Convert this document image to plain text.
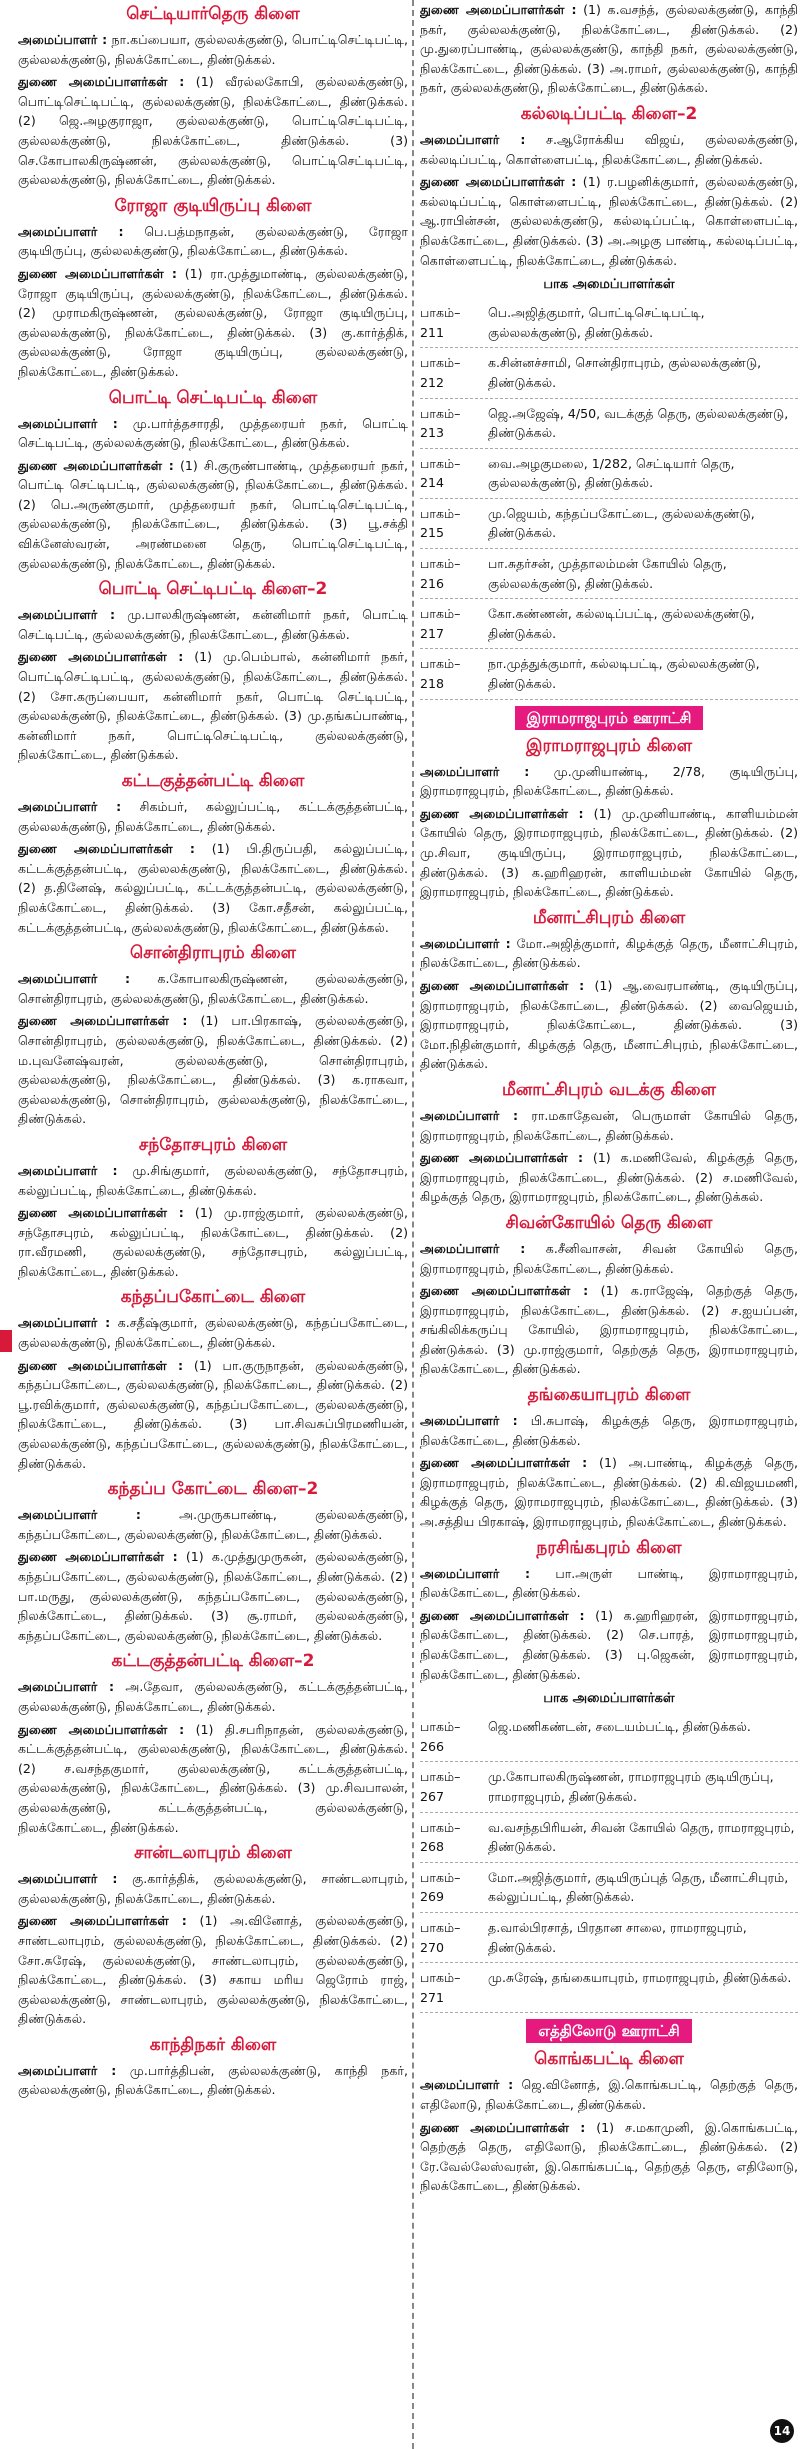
செட்டியார்தெரு கிளை

அமைப்பாளர் : நா.கப்பையா, குல்லலக்குண்டு, பொட்டிசெட்டிபட்டி, குல்லலக்குண்டு, நிலக்கோட்டை, திண்டுக்கல்.

துணை அமைப்பாளர்கள் : (1) வீரல்லகோபி, குல்லலக்குண்டு, பொட்டிசெட்டிபட்டி, குல்லலக்குண்டு, நிலக்கோட்டை, திண்டுக்கல். (2) ஜெ.அழகுராஜா, குல்லலக்குண்டு, பொட்டிசெட்டிபட்டி, குல்லலக்குண்டு, நிலக்கோட்டை, திண்டுக்கல். (3) செ.கோபாலகிருஷ்ணன், குல்லலக்குண்டு, பொட்டிசெட்டிபட்டி, குல்லலக்குண்டு, நிலக்கோட்டை, திண்டுக்கல்.

ரோஜா குடியிருப்பு கிளை

அமைப்பாளர் : பெ.பத்மநாதன், குல்லலக்குண்டு, ரோஜா குடியிருப்பு, குல்லலக்குண்டு, நிலக்கோட்டை, திண்டுக்கல்.

துணை அமைப்பாளர்கள் : (1) ரா.முத்துமாண்டி, குல்லலக்குண்டு, ரோஜா குடியிருப்பு, குல்லலக்குண்டு, நிலக்கோட்டை, திண்டுக்கல். (2) முராமகிருஷ்ணன், குல்லலக்குண்டு, ரோஜா குடியிருப்பு, குல்லலக்குண்டு, நிலக்கோட்டை, திண்டுக்கல். (3) கு.கார்த்திக், குல்லலக்குண்டு, ரோஜா குடியிருப்பு, குல்லலக்குண்டு, நிலக்கோட்டை, திண்டுக்கல்.

பொட்டி செட்டிபட்டி கிளை

அமைப்பாளர் : மு.பார்த்தசாரதி, முத்தரையர் நகர், பொட்டி செட்டிபட்டி, குல்லலக்குண்டு, நிலக்கோட்டை, திண்டுக்கல்.

துணை அமைப்பாளர்கள் : (1) சி.குருண்பாண்டி, முத்தரையர் நகர், பொட்டி செட்டிபட்டி, குல்லலக்குண்டு, நிலக்கோட்டை, திண்டுக்கல். (2) பெ.அருண்குமார், முத்தரையர் நகர், பொட்டிசெட்டிபட்டி, குல்லலக்குண்டு, நிலக்கோட்டை, திண்டுக்கல். (3) பூ.சக்தி விக்னேஸ்வரன், அரண்மனை தெரு, பொட்டிசெட்டிபட்டி, குல்லலக்குண்டு, நிலக்கோட்டை, திண்டுக்கல்.

பொட்டி செட்டிபட்டி கிளை–2

அமைப்பாளர் : மு.பாலகிருஷ்ணன், கன்னிமார் நகர், பொட்டி செட்டிபட்டி, குல்லலக்குண்டு, நிலக்கோட்டை, திண்டுக்கல்.

துணை அமைப்பாளர்கள் : (1) மு.பெம்பால், கன்னிமார் நகர், பொட்டிசெட்டிபட்டி, குல்லலக்குண்டு, நிலக்கோட்டை, திண்டுக்கல். (2) சோ.கருப்பையா, கன்னிமார் நகர், பொட்டி செட்டிபட்டி, குல்லலக்குண்டு, நிலக்கோட்டை, திண்டுக்கல். (3) மு.தங்கப்பாண்டி, கன்னிமார் நகர், பொட்டிசெட்டிபட்டி, குல்லலக்குண்டு, நிலக்கோட்டை, திண்டுக்கல்.

கட்டகுத்தன்பட்டி கிளை

அமைப்பாளர் : சிகம்பர், கல்லுப்பட்டி, கட்டக்குத்தன்பட்டி, குல்லலக்குண்டு, நிலக்கோட்டை, திண்டுக்கல்.

துணை அமைப்பாளர்கள் : (1) பி.திருப்பதி, கல்லுப்பட்டி, கட்டக்குத்தன்பட்டி, குல்லலக்குண்டு, நிலக்கோட்டை, திண்டுக்கல். (2) த.தினேஷ், கல்லுப்பட்டி, கட்டக்குத்தன்பட்டி, குல்லலக்குண்டு, நிலக்கோட்டை, திண்டுக்கல். (3) கோ.சதீசன், கல்லுப்பட்டி, கட்டக்குத்தன்பட்டி, குல்லலக்குண்டு, நிலக்கோட்டை, திண்டுக்கல்.

சொன்திராபுரம் கிளை

அமைப்பாளர் : க.கோபாலகிருஷ்ணன், குல்லலக்குண்டு, சொன்திராபுரம், குல்லலக்குண்டு, நிலக்கோட்டை, திண்டுக்கல்.

துணை அமைப்பாளர்கள் : (1) பா.பிரகாஷ், குல்லலக்குண்டு, சொன்திராபுரம், குல்லலக்குண்டு, நிலக்கோட்டை, திண்டுக்கல். (2) ம.புவனேஷ்வரன், குல்லலக்குண்டு, சொன்திராபுரம், குல்லலக்குண்டு, நிலக்கோட்டை, திண்டுக்கல். (3) க.ராகவா, குல்லலக்குண்டு, சொன்திராபுரம், குல்லலக்குண்டு, நிலக்கோட்டை, திண்டுக்கல்.

சந்தோசபுரம் கிளை

அமைப்பாளர் : மு.சிங்குமார், குல்லலக்குண்டு, சந்தோசபுரம், கல்லுப்பட்டி, நிலக்கோட்டை, திண்டுக்கல்.

துணை அமைப்பாளர்கள் : (1) மு.ராஜ்குமார், குல்லலக்குண்டு, சந்தோசபுரம், கல்லுப்பட்டி, நிலக்கோட்டை, திண்டுக்கல். (2) ரா.வீரமணி, குல்லலக்குண்டு, சந்தோசபுரம், கல்லுப்பட்டி, நிலக்கோட்டை, திண்டுக்கல்.

கந்தப்பகோட்டை கிளை

அமைப்பாளர் : க.சதீஷ்குமார், குல்லலக்குண்டு, கந்தப்பகோட்டை, குல்லலக்குண்டு, நிலக்கோட்டை, திண்டுக்கல்.

துணை அமைப்பாளர்கள் : (1) பா.குருநாதன், குல்லலக்குண்டு, கந்தப்பகோட்டை, குல்லலக்குண்டு, நிலக்கோட்டை, திண்டுக்கல். (2) பூ.ரவிக்குமார், குல்லலக்குண்டு, கந்தப்பகோட்டை, குல்லலக்குண்டு, நிலக்கோட்டை, திண்டுக்கல். (3) பா.சிவசுப்பிரமணியன், குல்லலக்குண்டு, கந்தப்பகோட்டை, குல்லலக்குண்டு, நிலக்கோட்டை, திண்டுக்கல்.

கந்தப்ப கோட்டை கிளை–2

அமைப்பாளர் :	அ.முருகபாண்டி, குல்லலக்குண்டு, கந்தப்பகோட்டை, குல்லலக்குண்டு, நிலக்கோட்டை, திண்டுக்கல்.

துணை அமைப்பாளர்கள் : (1) க.முத்துமுருகன், குல்லலக்குண்டு, கந்தப்பகோட்டை, குல்லலக்குண்டு, நிலக்கோட்டை, திண்டுக்கல். (2) பா.மருது, குல்லலக்குண்டு, கந்தப்பகோட்டை, குல்லலக்குண்டு, நிலக்கோட்டை, திண்டுக்கல். (3) சூ.ராமர், குல்லலக்குண்டு, கந்தப்பகோட்டை, குல்லலக்குண்டு, நிலக்கோட்டை, திண்டுக்கல்.

கட்டகுத்தன்பட்டி கிளை–2

அமைப்பாளர் : அ.தேவா, குல்லலக்குண்டு, கட்டக்குத்தன்பட்டி, குல்லலக்குண்டு, நிலக்கோட்டை, திண்டுக்கல்.

துணை அமைப்பாளர்கள் : (1) தி.சபரிநாதன், குல்லலக்குண்டு, கட்டக்குத்தன்பட்டி, குல்லலக்குண்டு, நிலக்கோட்டை, திண்டுக்கல். (2) ச.வசந்தகுமார், குல்லலக்குண்டு, கட்டக்குத்தன்பட்டி, குல்லலக்குண்டு, நிலக்கோட்டை, திண்டுக்கல். (3) மு.சிவபாலன், குல்லலக்குண்டு, கட்டக்குத்தன்பட்டி, குல்லலக்குண்டு, நிலக்கோட்டை, திண்டுக்கல்.

சான்டலாபுரம் கிளை

அமைப்பாளர் : கு.கார்த்திக், குல்லலக்குண்டு, சாண்டலாபுரம், குல்லலக்குண்டு, நிலக்கோட்டை, திண்டுக்கல்.

துணை அமைப்பாளர்கள் : (1) அ.வினோத், குல்லலக்குண்டு, சாண்டலாபுரம், குல்லலக்குண்டு, நிலக்கோட்டை, திண்டுக்கல். (2) சோ.சுரேஷ், குல்லலக்குண்டு, சாண்டலாபுரம், குல்லலக்குண்டு, நிலக்கோட்டை, திண்டுக்கல். (3) சகாய மரிய ஜெரோம் ராஜ், குல்லலக்குண்டு, சாண்டலாபுரம், குல்லலக்குண்டு, நிலக்கோட்டை, திண்டுக்கல்.

காந்திநகர் கிளை

அமைப்பாளர் : மு.பார்த்திபன், குல்லலக்குண்டு, காந்தி நகர், குல்லலக்குண்டு, நிலக்கோட்டை, திண்டுக்கல்.

துணை அமைப்பாளர்கள் : (1) க.வசந்த், குல்லலக்குண்டு, காந்தி நகர், குல்லலக்குண்டு, நிலக்கோட்டை, திண்டுக்கல். (2) மு.துரைப்பாண்டி, குல்லலக்குண்டு, காந்தி நகர், குல்லலக்குண்டு, நிலக்கோட்டை, திண்டுக்கல். (3) அ.ராமர், குல்லலக்குண்டு, காந்தி நகர், குல்லலக்குண்டு, நிலக்கோட்டை, திண்டுக்கல்.

கல்லடிப்பட்டி கிளை–2

அமைப்பாளர் : ச.ஆரோக்கிய விஜய், குல்லலக்குண்டு, கல்லடிப்பட்டி, கொள்ளைபட்டி, நிலக்கோட்டை, திண்டுக்கல்.

துணை அமைப்பாளர்கள் : (1) ர.பழனிக்குமார், குல்லலக்குண்டு, கல்லடிப்பட்டி, கொள்ளைபட்டி, நிலக்கோட்டை, திண்டுக்கல். (2) ஆ.ராபின்சன், குல்லலக்குண்டு, கல்லடிப்பட்டி, கொள்ளைபட்டி, நிலக்கோட்டை, திண்டுக்கல். (3) அ.அழகு பாண்டி, கல்லடிப்பட்டி, கொள்ளைபட்டி, நிலக்கோட்டை, திண்டுக்கல்.

பாக அமைப்பாளர்கள்
பாகம்– 211
பெ.அஜித்குமார், பொட்டிசெட்டிபட்டி, குல்லலக்குண்டு, திண்டுக்கல்.
பாகம்– 212
க.சின்னச்சாமி, சொன்திராபுரம், குல்லலக்குண்டு, திண்டுக்கல்.
பாகம்– 213
ஜெ.அஜேஷ், 4/50, வடக்குத் தெரு, குல்லலக்குண்டு, திண்டுக்கல்.
பாகம்– 214
வை.அழகுமலை, 1/282, செட்டியார் தெரு, குல்லலக்குண்டு, திண்டுக்கல்.
பாகம்– 215
மு.ஜெயம், கந்தப்பகோட்டை, குல்லலக்குண்டு, திண்டுக்கல்.
பாகம்– 216
பா.சுதர்சன், முத்தாலம்மன் கோயில் தெரு, குல்லலக்குண்டு, திண்டுக்கல்.
பாகம்– 217
கோ.கண்ணன், கல்லடிப்பட்டி, குல்லலக்குண்டு, திண்டுக்கல்.
பாகம்– 218
நா.முத்துக்குமார், கல்லடிபட்டி, குல்லலக்குண்டு, திண்டுக்கல்.
இராமராஜபுரம் ஊராட்சி
இராமராஜபுரம் கிளை

அமைப்பாளர் : மு.முனியாண்டி, 2/78, குடியிருப்பு, இராமராஜபுரம், நிலக்கோட்டை, திண்டுக்கல்.

துணை அமைப்பாளர்கள் : (1) மு.முனியாண்டி, காளியம்மன் கோயில் தெரு, இராமராஜபுரம், நிலக்கோட்டை, திண்டுக்கல். (2) மு.சிவா, குடியிருப்பு, இராமராஜபுரம், நிலக்கோட்டை, திண்டுக்கல். (3) க.ஹரிஹரன், காளியம்மன் கோயில் தெரு, இராமராஜபுரம், நிலக்கோட்டை, திண்டுக்கல்.

மீனாட்சிபுரம் கிளை

அமைப்பாளர் : மோ.அஜித்குமார், கிழக்குத் தெரு, மீனாட்சிபுரம், நிலக்கோட்டை, திண்டுக்கல்.

துணை அமைப்பாளர்கள் : (1) ஆ.வைரபாண்டி, குடியிருப்பு, இராமராஜபுரம், நிலக்கோட்டை, திண்டுக்கல். (2) வைஜெயம், இராமராஜபுரம், நிலக்கோட்டை, திண்டுக்கல். (3) மோ.நிதின்குமார், கிழக்குத் தெரு, மீனாட்சிபுரம், நிலக்கோட்டை, திண்டுக்கல்.

மீனாட்சிபுரம் வடக்கு கிளை

அமைப்பாளர் : ரா.மகாதேவன், பெருமாள் கோயில் தெரு, இராமராஜபுரம், நிலக்கோட்டை, திண்டுக்கல்.

துணை அமைப்பாளர்கள் : (1) க.மணிவேல், கிழக்குத் தெரு, இராமராஜபுரம், நிலக்கோட்டை, திண்டுக்கல். (2) ச.மணிவேல், கிழக்குத் தெரு, இராமராஜபுரம், நிலக்கோட்டை, திண்டுக்கல்.

சிவன்கோயில் தெரு கிளை

அமைப்பாளர் : க.சீனிவாசன், சிவன் கோயில் தெரு, இராமராஜபுரம், நிலக்கோட்டை, திண்டுக்கல்.

துணை அமைப்பாளர்கள் : (1) க.ராஜேஷ், தெற்குத் தெரு, இராமராஜபுரம், நிலக்கோட்டை, திண்டுக்கல். (2) ச.ஐயப்பன், சங்கிலிக்கருப்பு கோயில், இராமராஜபுரம், நிலக்கோட்டை, திண்டுக்கல். (3) மு.ராஜ்குமார், தெற்குத் தெரு, இராமராஜபுரம், நிலக்கோட்டை, திண்டுக்கல்.

தங்கையாபுரம் கிளை

அமைப்பாளர் : பி.சுபாஷ், கிழக்குத் தெரு, இராமராஜபுரம், நிலக்கோட்டை, திண்டுக்கல்.

துணை அமைப்பாளர்கள் : (1) அ.பாண்டி, கிழக்குத் தெரு, இராமராஜபுரம், நிலக்கோட்டை, திண்டுக்கல். (2) கி.விஜயமணி, கிழக்குத் தெரு, இராமராஜபுரம், நிலக்கோட்டை, திண்டுக்கல். (3) அ.சத்திய பிரகாஷ், இராமராஜபுரம், நிலக்கோட்டை, திண்டுக்கல்.

நரசிங்கபுரம் கிளை

அமைப்பாளர் : பா.அருள் பாண்டி, இராமராஜபுரம், நிலக்கோட்டை, திண்டுக்கல்.

துணை அமைப்பாளர்கள் : (1) க.ஹரிஹரன், இராமராஜபுரம், நிலக்கோட்டை, திண்டுக்கல். (2) செ.பாரத், இராமராஜபுரம், நிலக்கோட்டை, திண்டுக்கல். (3) பு.ஜெகன், இராமராஜபுரம், நிலக்கோட்டை, திண்டுக்கல்.

பாக அமைப்பாளர்கள்
பாகம்– 266
ஜெ.மணிகண்டன், சடையம்பட்டி, திண்டுக்கல்.
பாகம்– 267
மு.கோபாலகிருஷ்ணன், ராமராஜபுரம் குடியிருப்பு, ராமராஜபுரம், திண்டுக்கல்.
பாகம்– 268
வ.வசந்தபிரியன், சிவன் கோயில் தெரு, ராமராஜபுரம், திண்டுக்கல்.
பாகம்– 269
மோ.அஜித்குமார், குடியிருப்புத் தெரு, மீனாட்சிபுரம், கல்லுப்பட்டி, திண்டுக்கல்.
பாகம்– 270
த.வால்பிரசாத், பிரதான சாலை, ராமராஜபுரம், திண்டுக்கல்.
பாகம்– 271
மு.சுரேஷ், தங்கையாபுரம், ராமராஜபுரம், திண்டுக்கல்.
எத்திலோடு ஊராட்சி
கொங்கபட்டி கிளை

அமைப்பாளர் : ஜெ.வினோத், இ.கொங்கபட்டி, தெற்குத் தெரு, எதிலோடு, நிலக்கோட்டை, திண்டுக்கல்.

துணை அமைப்பாளர்கள் : (1) ச.மகாமுனி, இ.கொங்கபட்டி, தெற்குத் தெரு, எதிலோடு, நிலக்கோட்டை, திண்டுக்கல். (2) ரே.வேல்லேஸ்வரன், இ.கொங்கபட்டி, தெற்குத் தெரு, எதிலோடு, நிலக்கோட்டை, திண்டுக்கல்.

14
